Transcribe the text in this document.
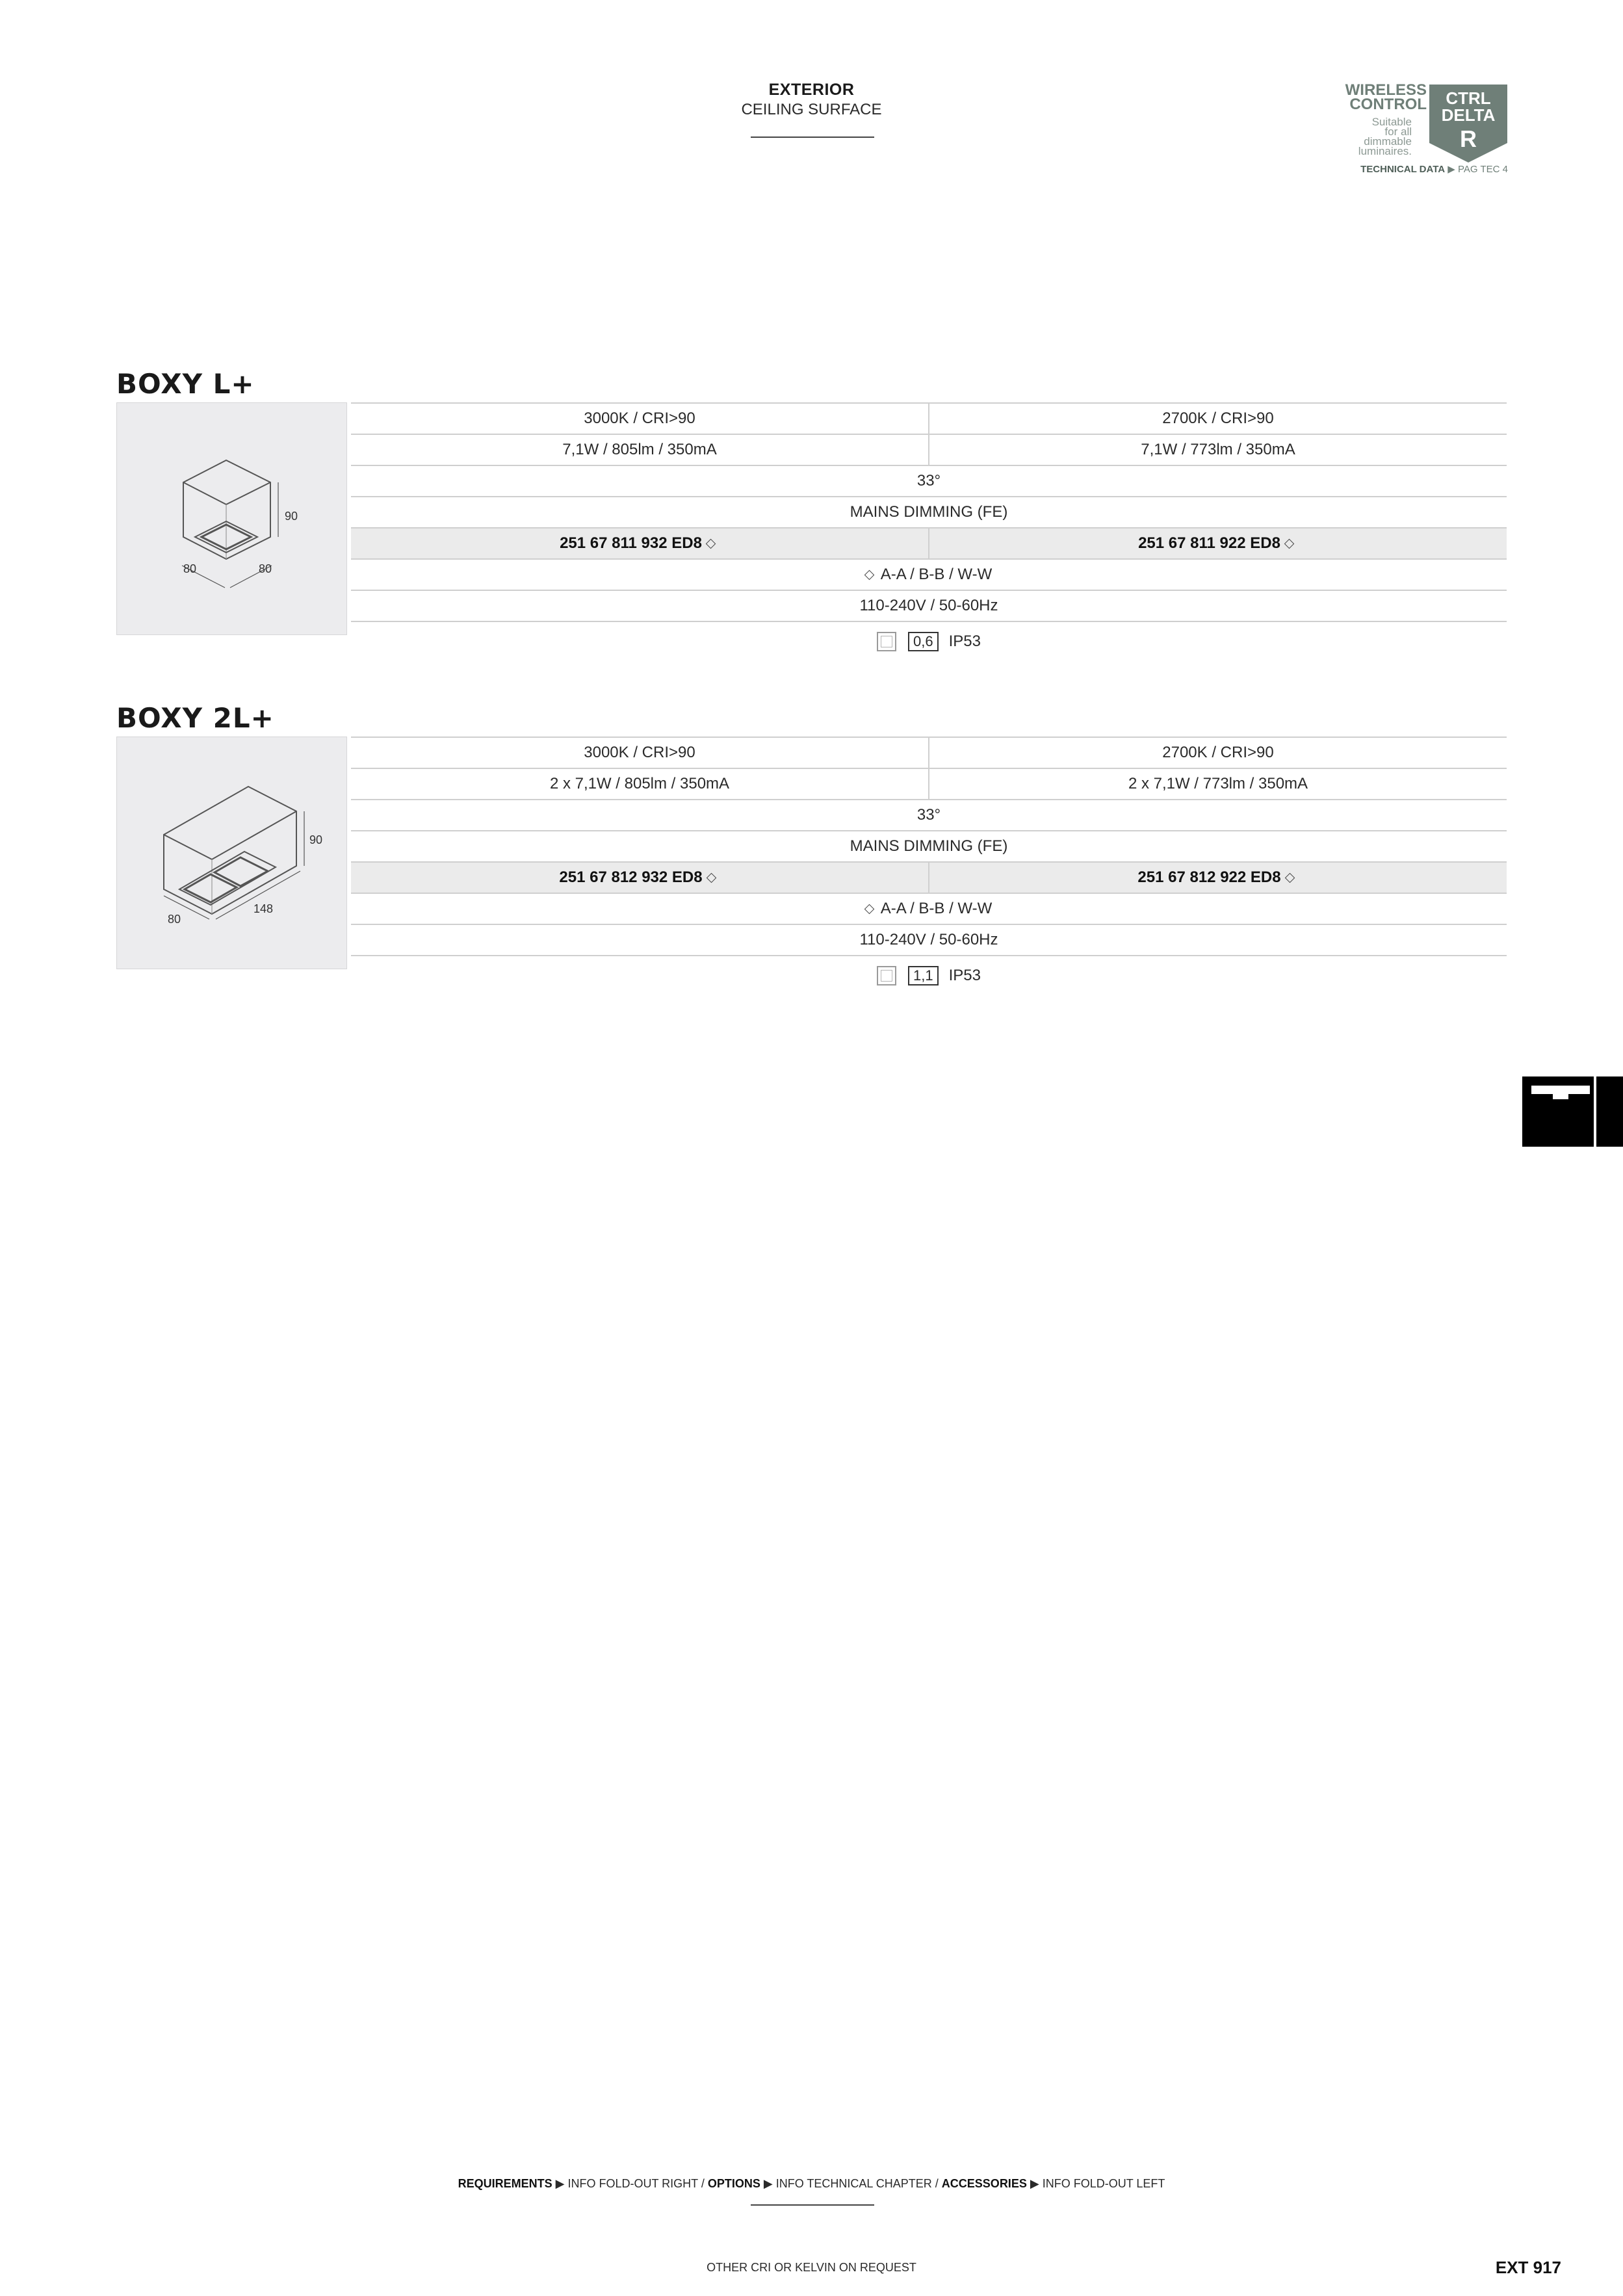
EXTERIOR
CEILING SURFACE
WIRELESS
CONTROL
Suitable
for all
dimmable
luminaires.
CTRL
DELTA
R
TECHNICAL DATA ▶ PAG TEC 4
BOXY L+
90
80	80
3000K / CRI>90	2700K / CRI>90
7,1W / 805lm / 350mA	7,1W / 773lm / 350mA
33°
MAINS DIMMING (FE)
251 67 811 932 ED8	251 67 811 922 ED8
A-A / B-B / W-W
110-240V / 50-60Hz
0,6	IP53
BOXY 2L+
90
80
148
3000K / CRI>90	2700K / CRI>90
2 x 7,1W / 805lm / 350mA	2 x 7,1W / 773lm / 350mA
33°
MAINS DIMMING (FE)
251 67 812 932 ED8	251 67 812 922 ED8
A-A / B-B / W-W
110-240V / 50-60Hz
1,1	IP53
REQUIREMENTS ▶ INFO FOLD-OUT RIGHT / OPTIONS ▶ INFO TECHNICAL CHAPTER / ACCESSORIES ▶ INFO FOLD-OUT LEFT
OTHER CRI OR KELVIN ON REQUEST	EXT 917
